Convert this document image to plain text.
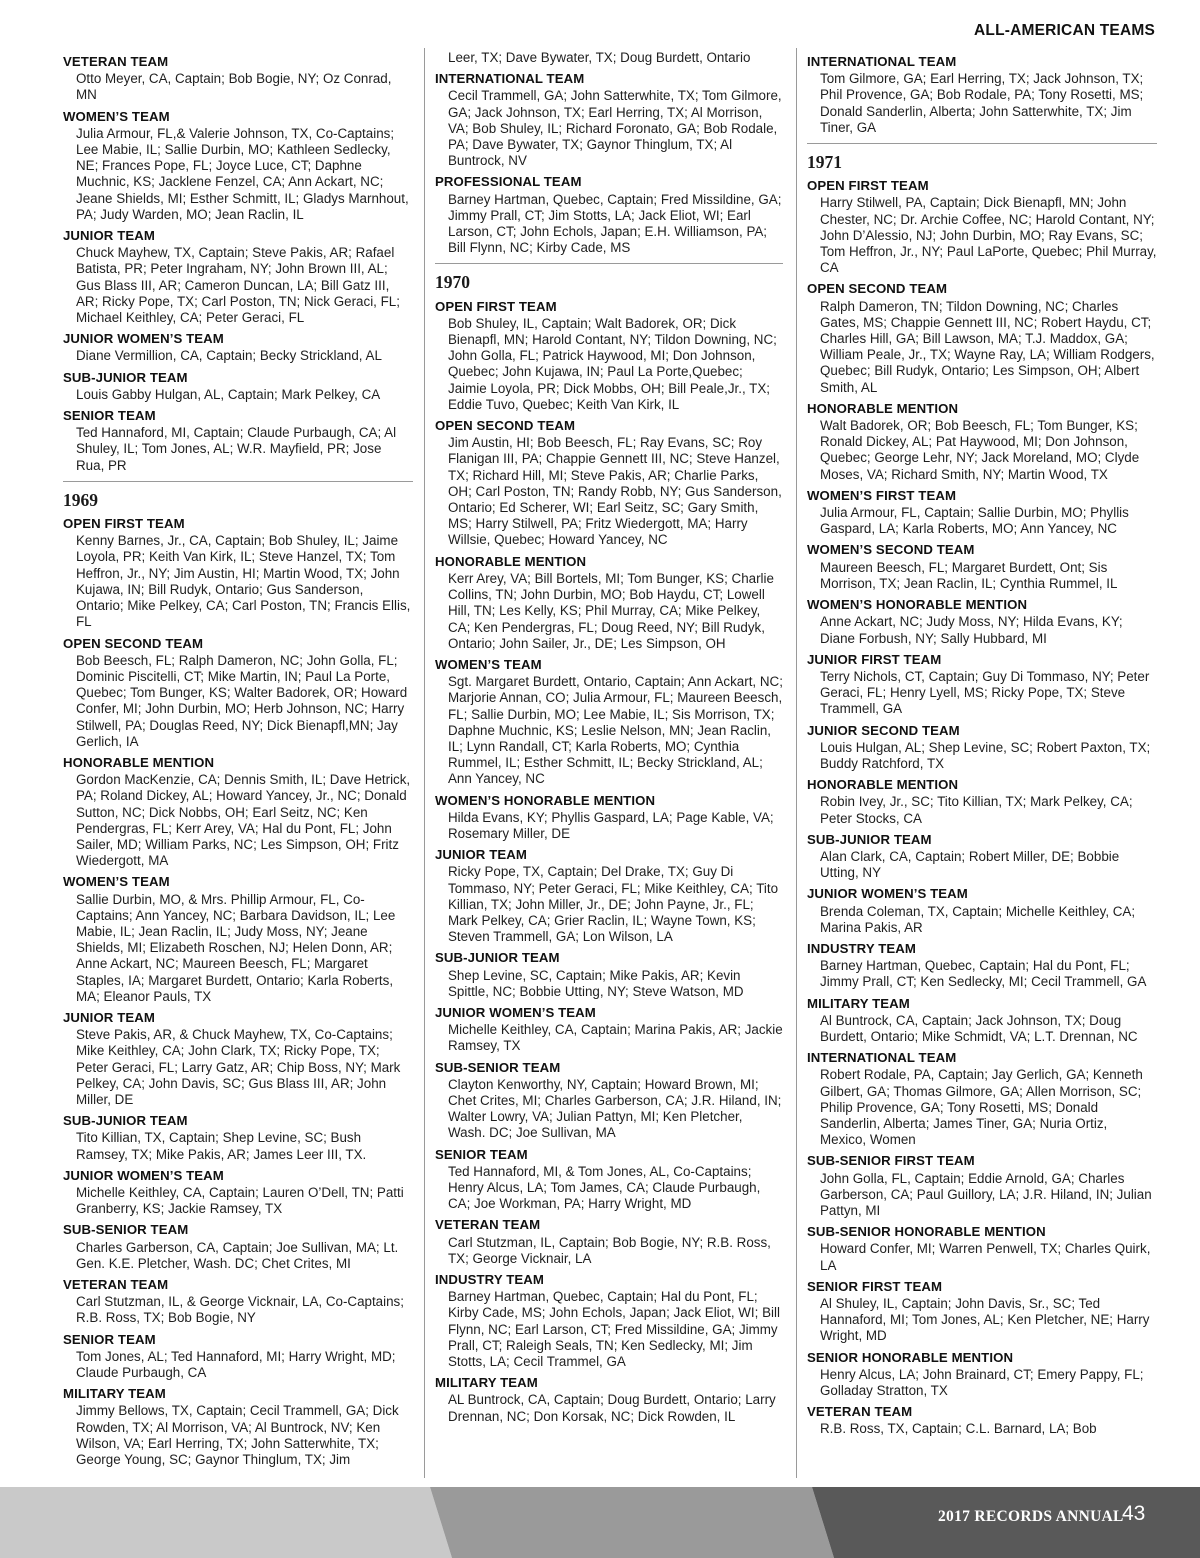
ALL-AMERICAN TEAMS
VETERAN TEAM
Otto Meyer, CA, Captain; Bob Bogie, NY; Oz Conrad, MN
WOMEN’S TEAM
Julia Armour, FL,& Valerie Johnson, TX, Co-Captains; Lee Mabie, IL; Sallie Durbin, MO; Kathleen Sedlecky, NE; Frances Pope, FL; Joyce Luce, CT; Daphne Muchnic, KS; Jacklene Fenzel, CA; Ann Ackart, NC; Jeane Shields, MI; Esther Schmitt, IL; Gladys Marnhout, PA; Judy Warden, MO; Jean Raclin, IL
JUNIOR TEAM
Chuck Mayhew, TX, Captain; Steve Pakis, AR; Rafael Batista, PR; Peter Ingraham, NY; John Brown III, AL; Gus Blass III, AR; Cameron Duncan, LA; Bill Gatz III, AR; Ricky Pope, TX; Carl Poston, TN; Nick Geraci, FL; Michael Keithley, CA; Peter Geraci, FL
JUNIOR WOMEN’S TEAM
Diane Vermillion, CA, Captain; Becky Strickland, AL
SUB-JUNIOR TEAM
Louis Gabby Hulgan, AL, Captain; Mark Pelkey, CA
SENIOR TEAM
Ted Hannaford, MI, Captain; Claude Purbaugh, CA; Al Shuley, IL; Tom Jones, AL; W.R. Mayfield, PR; Jose Rua, PR
1969
OPEN FIRST TEAM
Kenny Barnes, Jr., CA, Captain; Bob Shuley, IL; Jaime Loyola, PR; Keith Van Kirk, IL; Steve Hanzel, TX; Tom Heffron, Jr., NY; Jim Austin, HI; Martin Wood, TX; John Kujawa, IN; Bill Rudyk, Ontario; Gus Sanderson, Ontario; Mike Pelkey, CA; Carl Poston, TN; Francis Ellis, FL
OPEN SECOND TEAM
Bob Beesch, FL; Ralph Dameron, NC; John Golla, FL; Dominic Piscitelli, CT; Mike Martin, IN; Paul La Porte, Quebec; Tom Bunger, KS; Walter Badorek, OR; Howard Confer, MI; John Durbin, MO; Herb Johnson, NC; Harry Stilwell, PA; Douglas Reed, NY; Dick Bienapfl,MN; Jay Gerlich, IA
HONORABLE MENTION
Gordon MacKenzie, CA; Dennis Smith, IL; Dave Hetrick, PA; Roland Dickey, AL; Howard Yancey, Jr., NC; Donald Sutton, NC; Dick Nobbs, OH; Earl Seitz, NC; Ken Pendergras, FL; Kerr Arey, VA; Hal du Pont, FL; John Sailer, MD; William Parks, NC; Les Simpson, OH; Fritz Wiedergott, MA
WOMEN’S TEAM
Sallie Durbin, MO, & Mrs. Phillip Armour, FL, Co-Captains; Ann Yancey, NC; Barbara Davidson, IL; Lee Mabie, IL; Jean Raclin, IL; Judy Moss, NY; Jeane Shields, MI; Elizabeth Roschen, NJ; Helen Donn, AR; Anne Ackart, NC; Maureen Beesch, FL; Margaret Staples, IA; Margaret Burdett, Ontario; Karla Roberts, MA; Eleanor Pauls, TX
JUNIOR TEAM
Steve Pakis, AR, & Chuck Mayhew, TX, Co-Captains; Mike Keithley, CA; John Clark, TX; Ricky Pope, TX; Peter Geraci, FL; Larry Gatz, AR; Chip Boss, NY; Mark Pelkey, CA; John Davis, SC; Gus Blass III, AR; John Miller, DE
SUB-JUNIOR TEAM
Tito Killian, TX, Captain; Shep Levine, SC; Bush Ramsey, TX; Mike Pakis, AR; James Leer III, TX.
JUNIOR WOMEN’S TEAM
Michelle Keithley, CA, Captain; Lauren O’Dell, TN; Patti Granberry, KS; Jackie Ramsey, TX
SUB-SENIOR TEAM
Charles Garberson, CA, Captain; Joe Sullivan, MA; Lt. Gen. K.E. Pletcher, Wash. DC; Chet Crites, MI
VETERAN TEAM
Carl Stutzman, IL, & George Vicknair, LA, Co-Captains; R.B. Ross, TX; Bob Bogie, NY
SENIOR TEAM
Tom Jones, AL; Ted Hannaford, MI; Harry Wright, MD; Claude Purbaugh, CA
MILITARY TEAM
Jimmy Bellows, TX, Captain; Cecil Trammell, GA; Dick Rowden, TX; Al Morrison, VA; Al Buntrock, NV; Ken Wilson, VA; Earl Herring, TX; John Satterwhite, TX; George Young, SC; Gaynor Thinglum, TX; Jim
Leer, TX; Dave Bywater, TX; Doug Burdett, Ontario
INTERNATIONAL TEAM
Cecil Trammell, GA; John Satterwhite, TX; Tom Gilmore, GA; Jack Johnson, TX; Earl Herring, TX; Al Morrison, VA; Bob Shuley, IL; Richard Foronato, GA; Bob Rodale, PA; Dave Bywater, TX; Gaynor Thinglum, TX; Al Buntrock, NV
PROFESSIONAL TEAM
Barney Hartman, Quebec, Captain; Fred Missildine, GA; Jimmy Prall, CT; Jim Stotts, LA; Jack Eliot, WI; Earl Larson, CT; John Echols, Japan; E.H. Williamson, PA; Bill Flynn, NC; Kirby Cade, MS
1970
OPEN FIRST TEAM
Bob Shuley, IL, Captain; Walt Badorek, OR; Dick Bienapfl, MN; Harold Contant, NY; Tildon Downing, NC; John Golla, FL; Patrick Haywood, MI; Don Johnson, Quebec; John Kujawa, IN; Paul La Porte,Quebec; Jaimie Loyola, PR; Dick Mobbs, OH; Bill Peale,Jr., TX; Eddie Tuvo, Quebec; Keith Van Kirk, IL
OPEN SECOND TEAM
Jim Austin, HI; Bob Beesch, FL; Ray Evans, SC; Roy Flanigan III, PA; Chappie Gennett III, NC; Steve Hanzel, TX; Richard Hill, MI; Steve Pakis, AR; Charlie Parks, OH; Carl Poston, TN; Randy Robb, NY; Gus Sanderson, Ontario; Ed Scherer, WI; Earl Seitz, SC; Gary Smith, MS; Harry Stilwell, PA; Fritz Wiedergott, MA; Harry Willsie, Quebec; Howard Yancey, NC
HONORABLE MENTION
Kerr Arey, VA; Bill Bortels, MI; Tom Bunger, KS; Charlie Collins, TN; John Durbin, MO; Bob Haydu, CT; Lowell Hill, TN; Les Kelly, KS; Phil Murray, CA; Mike Pelkey, CA; Ken Pendergras, FL; Doug Reed, NY; Bill Rudyk, Ontario; John Sailer, Jr., DE; Les Simpson, OH
WOMEN’S TEAM
Sgt. Margaret Burdett, Ontario, Captain; Ann Ackart, NC; Marjorie Annan, CO; Julia Armour, FL; Maureen Beesch, FL; Sallie Durbin, MO; Lee Mabie, IL; Sis Morrison, TX; Daphne Muchnic, KS; Leslie Nelson, MN; Jean Raclin, IL; Lynn Randall, CT; Karla Roberts, MO; Cynthia Rummel, IL; Esther Schmitt, IL; Becky Strickland, AL; Ann Yancey, NC
WOMEN’S HONORABLE MENTION
Hilda Evans, KY; Phyllis Gaspard, LA; Page Kable, VA; Rosemary Miller, DE
JUNIOR TEAM
Ricky Pope, TX, Captain; Del Drake, TX; Guy Di Tommaso, NY; Peter Geraci, FL; Mike Keithley, CA; Tito Killian, TX; John Miller, Jr., DE; John Payne, Jr., FL; Mark Pelkey, CA; Grier Raclin, IL; Wayne Town, KS; Steven Trammell, GA; Lon Wilson, LA
SUB-JUNIOR TEAM
Shep Levine, SC, Captain; Mike Pakis, AR; Kevin Spittle, NC; Bobbie Utting, NY; Steve Watson, MD
JUNIOR WOMEN’S TEAM
Michelle Keithley, CA, Captain; Marina Pakis, AR; Jackie Ramsey, TX
SUB-SENIOR TEAM
Clayton Kenworthy, NY, Captain; Howard Brown, MI; Chet Crites, MI; Charles Garberson, CA; J.R. Hiland, IN; Walter Lowry, VA; Julian Pattyn, MI; Ken Pletcher, Wash. DC; Joe Sullivan, MA
SENIOR TEAM
Ted Hannaford, MI, & Tom Jones, AL, Co-Captains; Henry Alcus, LA; Tom James, CA; Claude Purbaugh, CA; Joe Workman, PA; Harry Wright, MD
VETERAN TEAM
Carl Stutzman, IL, Captain; Bob Bogie, NY; R.B. Ross, TX; George Vicknair, LA
INDUSTRY TEAM
Barney Hartman, Quebec, Captain; Hal du Pont, FL; Kirby Cade, MS; John Echols, Japan; Jack Eliot, WI; Bill Flynn, NC; Earl Larson, CT; Fred Missildine, GA; Jimmy Prall, CT; Raleigh Seals, TN; Ken Sedlecky, MI; Jim Stotts, LA; Cecil Trammel, GA
MILITARY TEAM
AL Buntrock, CA, Captain; Doug Burdett, Ontario; Larry Drennan, NC; Don Korsak, NC; Dick Rowden, IL
INTERNATIONAL TEAM
Tom Gilmore, GA; Earl Herring, TX; Jack Johnson, TX; Phil Provence, GA; Bob Rodale, PA; Tony Rosetti, MS; Donald Sanderlin, Alberta; John Satterwhite, TX; Jim Tiner, GA
1971
OPEN FIRST TEAM
Harry Stilwell, PA, Captain; Dick Bienapfl, MN; John Chester, NC; Dr. Archie Coffee, NC; Harold Contant, NY; John D’Alessio, NJ; John Durbin, MO; Ray Evans, SC; Tom Heffron, Jr., NY; Paul LaPorte, Quebec; Phil Murray, CA
OPEN SECOND TEAM
Ralph Dameron, TN; Tildon Downing, NC; Charles Gates, MS; Chappie Gennett III, NC; Robert Haydu, CT; Charles Hill, GA; Bill Lawson, MA; T.J. Maddox, GA; William Peale, Jr., TX; Wayne Ray, LA; William Rodgers, Quebec; Bill Rudyk, Ontario; Les Simpson, OH; Albert Smith, AL
HONORABLE MENTION
Walt Badorek, OR; Bob Beesch, FL; Tom Bunger, KS; Ronald Dickey, AL; Pat Haywood, MI; Don Johnson, Quebec; George Lehr, NY; Jack Moreland, MO; Clyde Moses, VA; Richard Smith, NY; Martin Wood, TX
WOMEN’S FIRST TEAM
Julia Armour, FL, Captain; Sallie Durbin, MO; Phyllis Gaspard, LA; Karla Roberts, MO; Ann Yancey, NC
WOMEN’S SECOND TEAM
Maureen Beesch, FL; Margaret Burdett, Ont; Sis Morrison, TX; Jean Raclin, IL; Cynthia Rummel, IL
WOMEN’S HONORABLE MENTION
Anne Ackart, NC; Judy Moss, NY; Hilda Evans, KY; Diane Forbush, NY; Sally Hubbard, MI
JUNIOR FIRST TEAM
Terry Nichols, CT, Captain; Guy Di Tommaso, NY; Peter Geraci, FL; Henry Lyell, MS; Ricky Pope, TX; Steve Trammell, GA
JUNIOR SECOND TEAM
Louis Hulgan, AL; Shep Levine, SC; Robert Paxton, TX; Buddy Ratchford, TX
HONORABLE MENTION
Robin Ivey, Jr., SC; Tito Killian, TX; Mark Pelkey, CA; Peter Stocks, CA
SUB-JUNIOR TEAM
Alan Clark, CA, Captain; Robert Miller, DE; Bobbie Utting, NY
JUNIOR WOMEN’S TEAM
Brenda Coleman, TX, Captain; Michelle Keithley, CA; Marina Pakis, AR
INDUSTRY TEAM
Barney Hartman, Quebec, Captain; Hal du Pont, FL; Jimmy Prall, CT; Ken Sedlecky, MI; Cecil Trammell, GA
MILITARY TEAM
Al Buntrock, CA, Captain; Jack Johnson, TX; Doug Burdett, Ontario; Mike Schmidt, VA; L.T. Drennan, NC
INTERNATIONAL TEAM
Robert Rodale, PA, Captain; Jay Gerlich, GA; Kenneth Gilbert, GA; Thomas Gilmore, GA; Allen Morrison, SC; Philip Provence, GA; Tony Rosetti, MS; Donald Sanderlin, Alberta; James Tiner, GA; Nuria Ortiz, Mexico, Women
SUB-SENIOR FIRST TEAM
John Golla, FL, Captain; Eddie Arnold, GA; Charles Garberson, CA; Paul Guillory, LA; J.R. Hiland, IN; Julian Pattyn, MI
SUB-SENIOR HONORABLE MENTION
Howard Confer, MI; Warren Penwell, TX; Charles Quirk, LA
SENIOR FIRST TEAM
Al Shuley, IL, Captain; John Davis, Sr., SC; Ted Hannaford, MI; Tom Jones, AL; Ken Pletcher, NE; Harry Wright, MD
SENIOR HONORABLE MENTION
Henry Alcus, LA; John Brainard, CT; Emery Pappy, FL; Golladay Stratton, TX
VETERAN TEAM
R.B. Ross, TX, Captain; C.L. Barnard, LA; Bob
2017 RECORDS ANNUAL
43
